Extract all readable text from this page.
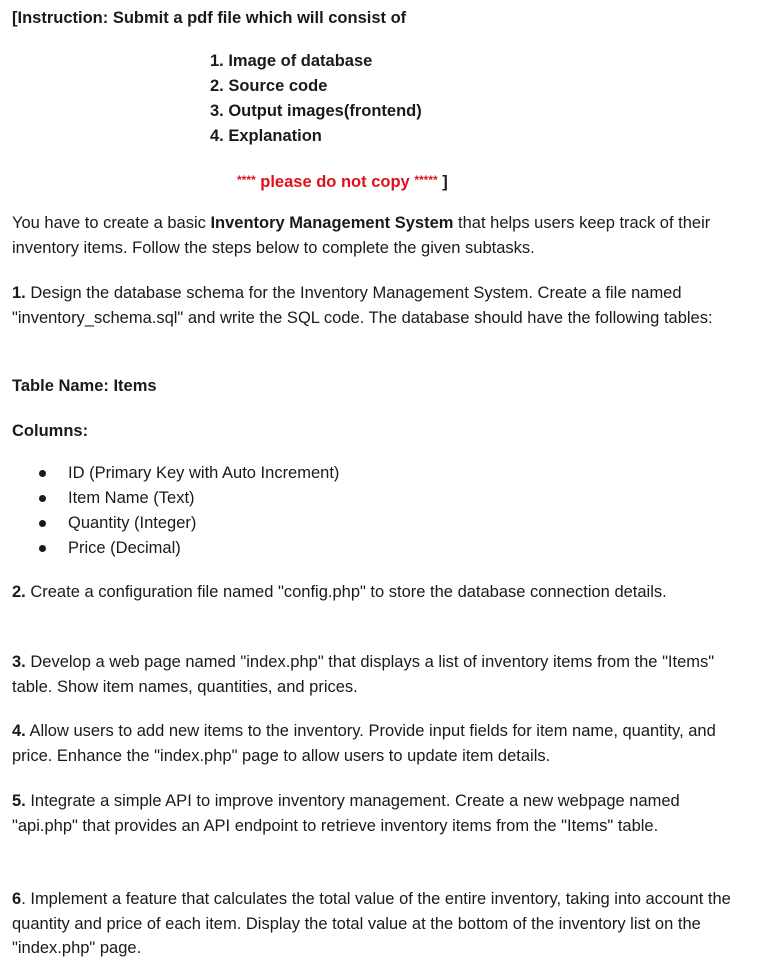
[Instruction: Submit a pdf file which will consist of
1. Image of database
2. Source code
3. Output images(frontend)
4. Explanation
**** please do not copy ***** ]

You have to create a basic Inventory Management System that helps users keep track of their inventory items. Follow the steps below to complete the given subtasks.

1. Design the database schema for the Inventory Management System. Create a file named "inventory_schema.sql" and write the SQL code. The database should have the following tables:

Table Name: Items
Columns:
ID (Primary Key with Auto Increment)
Item Name (Text)
Quantity (Integer)
Price (Decimal)

2. Create a configuration file named "config.php" to store the database connection details.

3. Develop a web page named "index.php" that displays a list of inventory items from the "Items" table. Show item names, quantities, and prices.

4. Allow users to add new items to the inventory. Provide input fields for item name, quantity, and price. Enhance the "index.php" page to allow users to update item details.

5. Integrate a simple API to improve inventory management. Create a new webpage named "api.php" that provides an API endpoint to retrieve inventory items from the "Items" table.

6. Implement a feature that calculates the total value of the entire inventory, taking into account the quantity and price of each item. Display the total value at the bottom of the inventory list on the "index.php" page.
